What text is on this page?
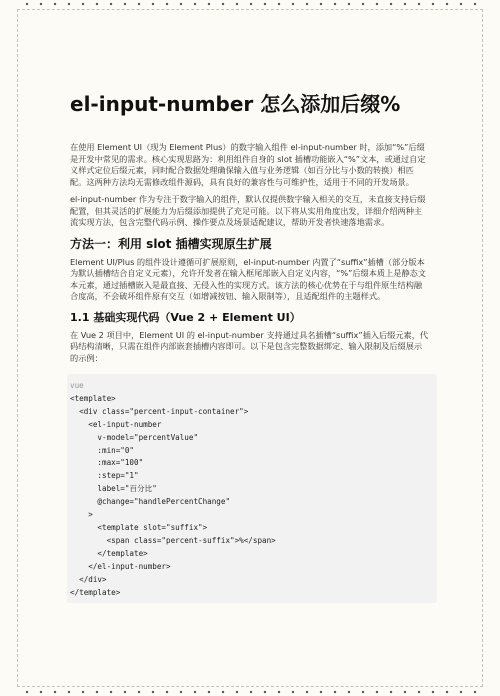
el-input-number 怎么添加后缀%

在使用 Element UI（现为 Element Plus）的数字输入组件 el-input-number 时，添加“%”后缀是开发中常见的需求。核心实现思路为：利用组件自身的 slot 插槽功能嵌入“%”文本，或通过自定义样式定位后缀元素，同时配合数据处理确保输入值与业务逻辑（如百分比与小数的转换）相匹配。这两种方法均无需修改组件源码，具有良好的兼容性与可维护性，适用于不同的开发场景。

el-input-number 作为专注于数字输入的组件，默认仅提供数字输入相关的交互，未直接支持后缀配置，但其灵活的扩展能力为后缀添加提供了充足可能。以下将从实用角度出发，详细介绍两种主流实现方法，包含完整代码示例、操作要点及场景适配建议，帮助开发者快速落地需求。

方法一：利用 slot 插槽实现原生扩展

Element UI/Plus 的组件设计遵循可扩展原则，el-input-number 内置了“suffix”插槽（部分版本为默认插槽结合自定义元素），允许开发者在输入框尾部嵌入自定义内容，“%”后缀本质上是静态文本元素，通过插槽嵌入是最直接、无侵入性的实现方式。该方法的核心优势在于与组件原生结构融合度高，不会破坏组件原有交互（如增减按钮、输入限制等），且适配组件的主题样式。

1.1 基础实现代码（Vue 2 + Element UI）

在 Vue 2 项目中，Element UI 的 el-input-number 支持通过具名插槽“suffix”插入后缀元素，代码结构清晰，只需在组件内部嵌套插槽内容即可。以下是包含完整数据绑定、输入限制及后缀展示的示例：

vue
<template>
<div class="percent-input-container">
<el-input-number
v-model="percentValue"
:min="0"
:max="100"
:step="1"
label="百分比"
@change="handlePercentChange"
>
<template slot="suffix">
<span class="percent-suffix">%</span>
</template>
</el-input-number>
</div>
</template>
